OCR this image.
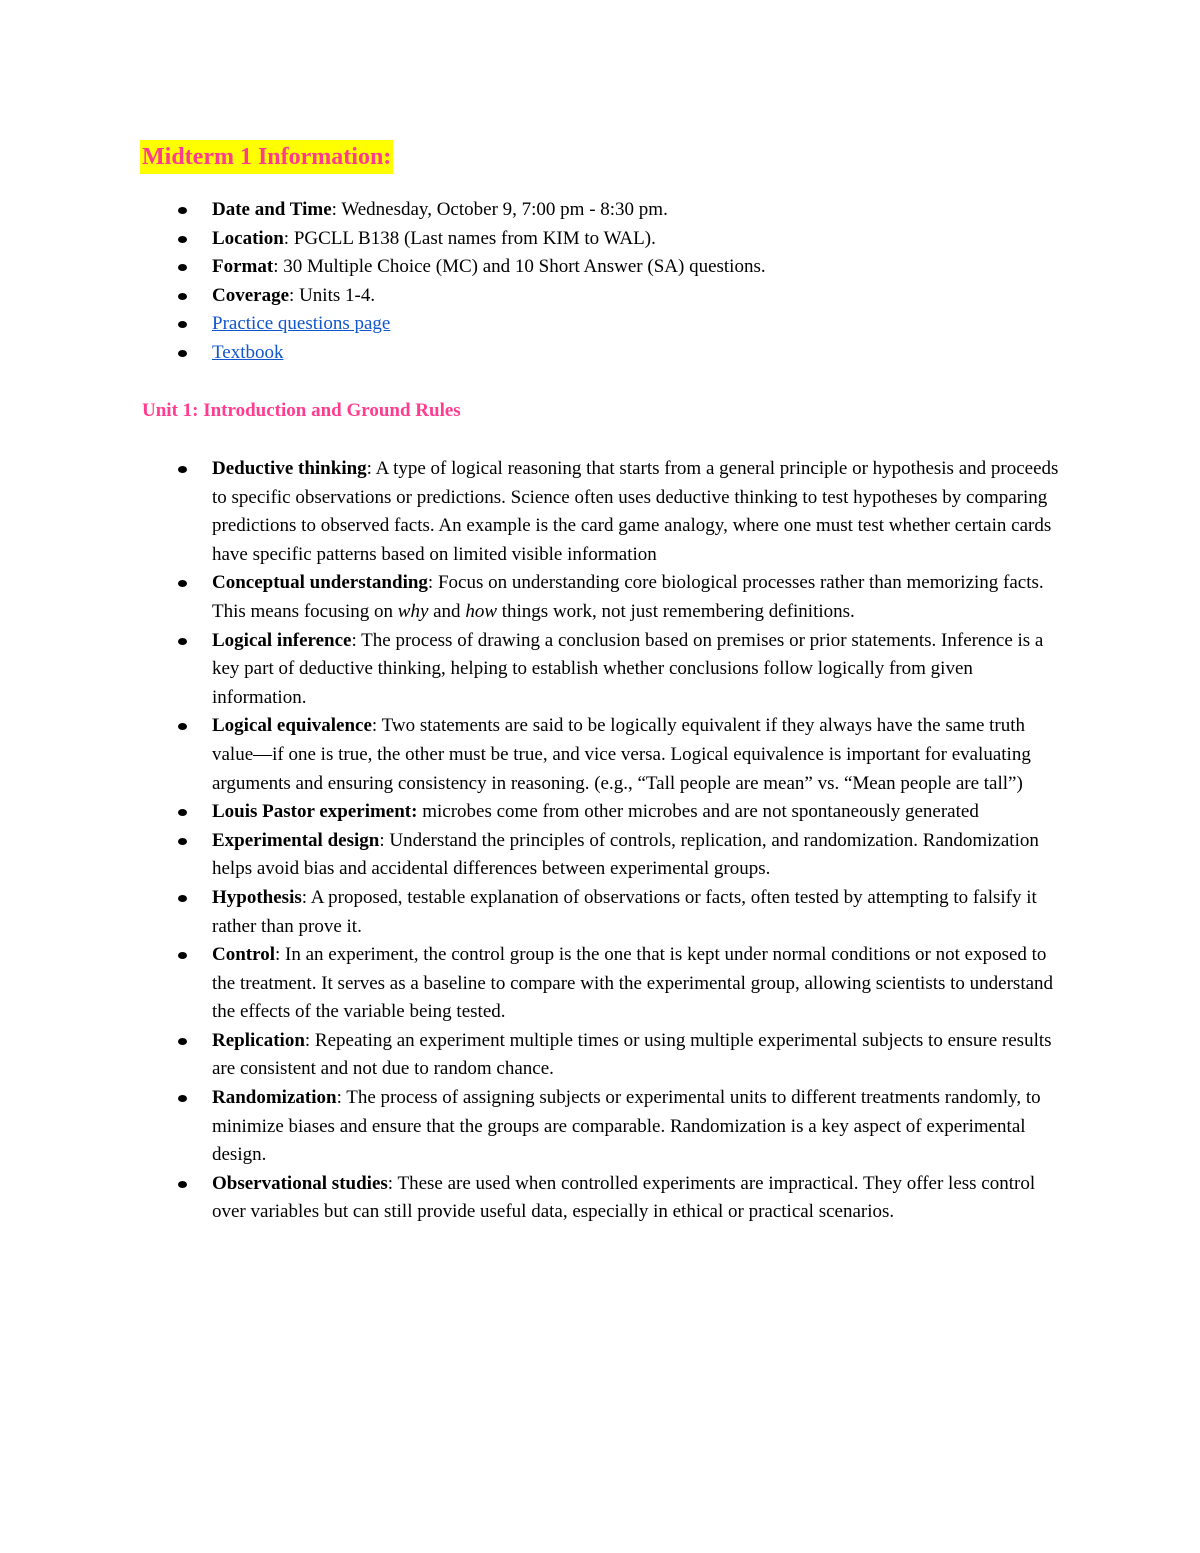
Midterm 1 Information:
Date and Time: Wednesday, October 9, 7:00 pm - 8:30 pm.
Location: PGCLL B138 (Last names from KIM to WAL).
Format: 30 Multiple Choice (MC) and 10 Short Answer (SA) questions.
Coverage: Units 1-4.
Practice questions page
Textbook
Unit 1: Introduction and Ground Rules
Deductive thinking: A type of logical reasoning that starts from a general principle or hypothesis and proceeds to specific observations or predictions. Science often uses deductive thinking to test hypotheses by comparing predictions to observed facts. An example is the card game analogy, where one must test whether certain cards have specific patterns based on limited visible information
Conceptual understanding: Focus on understanding core biological processes rather than memorizing facts. This means focusing on why and how things work, not just remembering definitions.
Logical inference: The process of drawing a conclusion based on premises or prior statements. Inference is a key part of deductive thinking, helping to establish whether conclusions follow logically from given information.
Logical equivalence: Two statements are said to be logically equivalent if they always have the same truth value—if one is true, the other must be true, and vice versa. Logical equivalence is important for evaluating arguments and ensuring consistency in reasoning. (e.g., “Tall people are mean” vs. “Mean people are tall”)
Louis Pastor experiment: microbes come from other microbes and are not spontaneously generated
Experimental design: Understand the principles of controls, replication, and randomization. Randomization helps avoid bias and accidental differences between experimental groups.
Hypothesis: A proposed, testable explanation of observations or facts, often tested by attempting to falsify it rather than prove it.
Control: In an experiment, the control group is the one that is kept under normal conditions or not exposed to the treatment. It serves as a baseline to compare with the experimental group, allowing scientists to understand the effects of the variable being tested.
Replication: Repeating an experiment multiple times or using multiple experimental subjects to ensure results are consistent and not due to random chance.
Randomization: The process of assigning subjects or experimental units to different treatments randomly, to minimize biases and ensure that the groups are comparable. Randomization is a key aspect of experimental design.
Observational studies: These are used when controlled experiments are impractical. They offer less control over variables but can still provide useful data, especially in ethical or practical scenarios.
